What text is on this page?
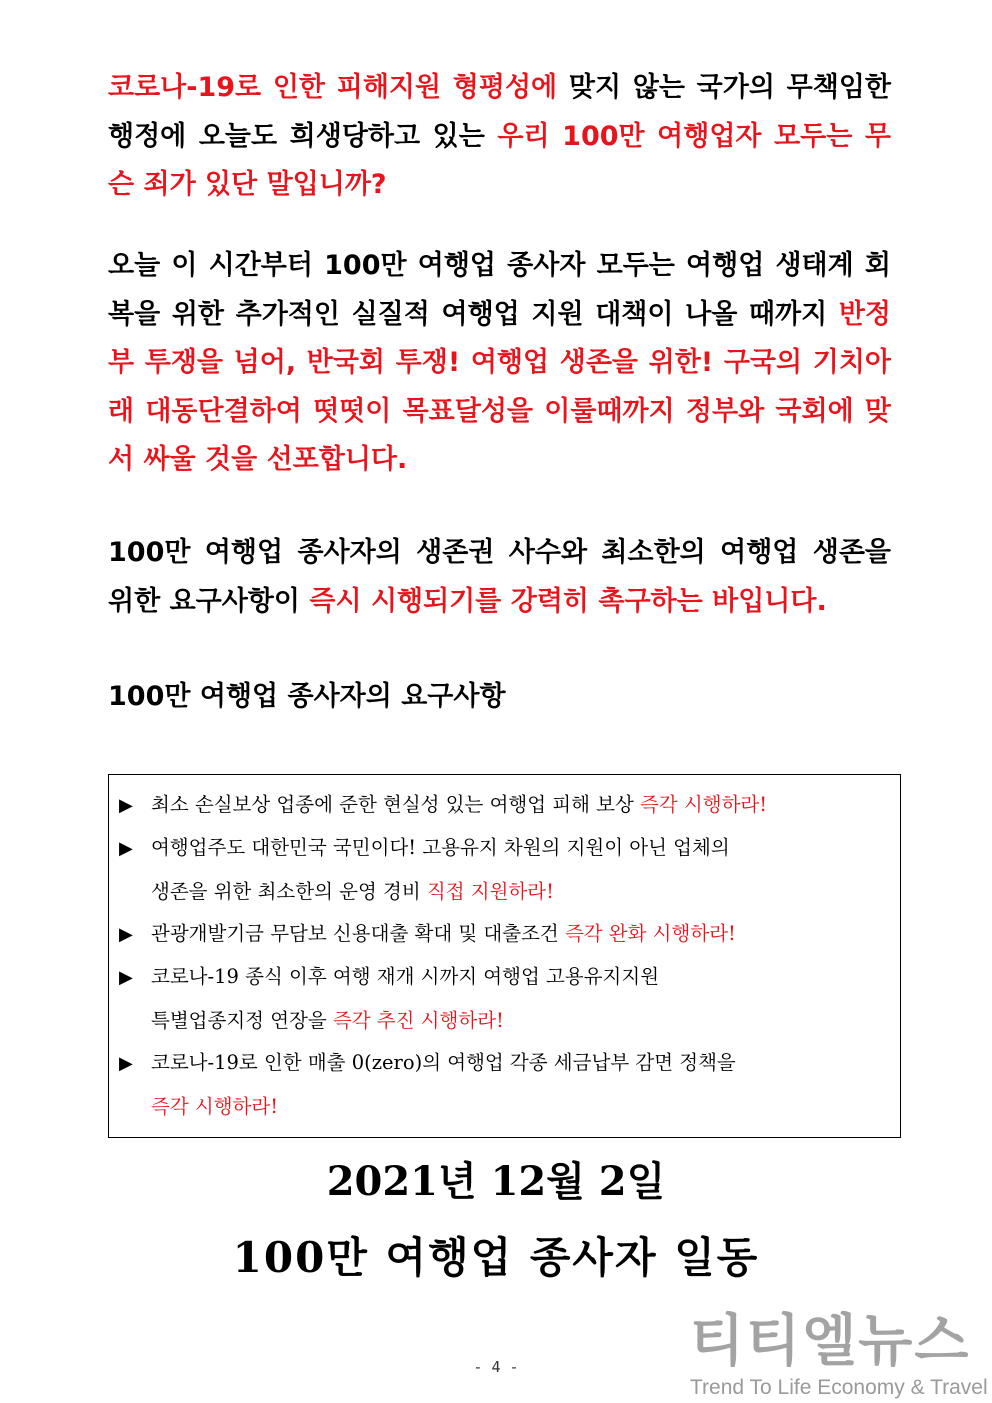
코로나-19로 인한 피해지원 형평성에 맞지 않는 국가의 무책임한 행정에 오늘도 희생당하고 있는 우리 100만 여행업자 모두는 무슨 죄가 있단 말입니까?
오늘 이 시간부터 100만 여행업 종사자 모두는 여행업 생태계 회복을 위한 추가적인 실질적 여행업 지원 대책이 나올 때까지 반정부 투쟁을 넘어, 반국회 투쟁! 여행업 생존을 위한! 구국의 기치아래 대동단결하여 떳떳이 목표달성을 이룰때까지 정부와 국회에 맞서 싸울 것을 선포합니다.
100만 여행업 종사자의 생존권 사수와 최소한의 여행업 생존을 위한 요구사항이 즉시 시행되기를 강력히 촉구하는 바입니다.
100만 여행업 종사자의 요구사항
▶ 최소 손실보상 업종에 준한 현실성 있는 여행업 피해 보상 즉각 시행하라!
▶ 여행업주도 대한민국 국민이다! 고용유지 차원의 지원이 아닌 업체의
생존을 위한 최소한의 운영 경비 직접 지원하라!
▶ 관광개발기금 무담보 신용대출 확대 및 대출조건 즉각 완화 시행하라!
▶ 코로나-19 종식 이후 여행 재개 시까지 여행업 고용유지지원
특별업종지정 연장을 즉각 추진 시행하라!
▶ 코로나-19로 인한 매출 0(zero)의 여행업 각종 세금납부 감면 정책을
즉각 시행하라!
2021년 12월 2일
100만 여행업 종사자 일동
- 4 -	티티엘뉴스
Trend To Life Economy & Travel
